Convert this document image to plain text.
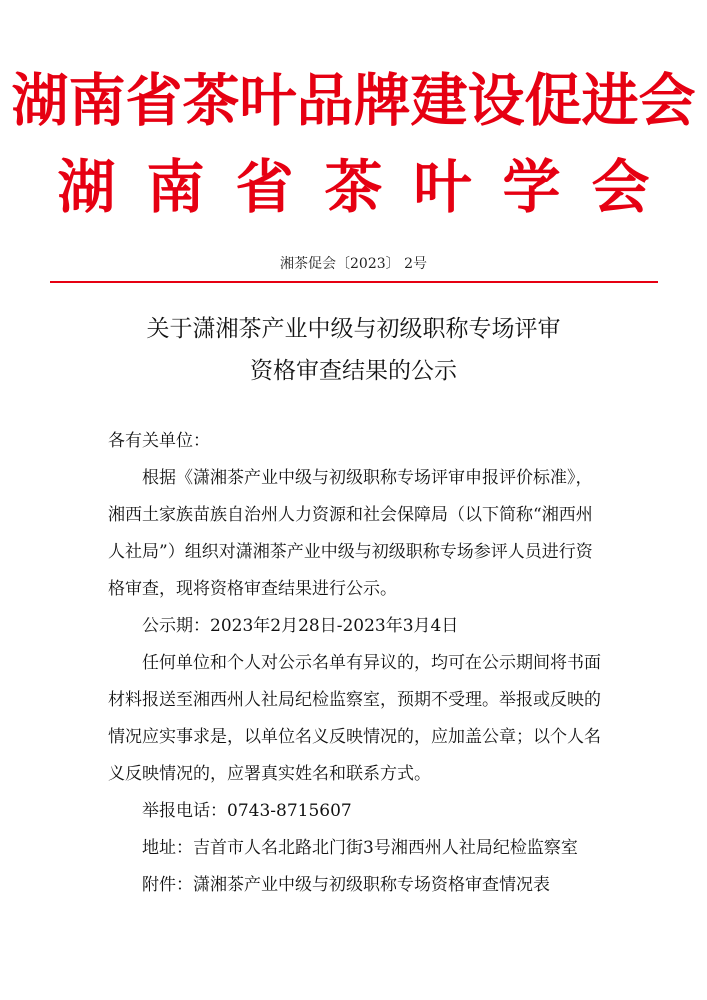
湖南省茶叶品牌建设促进会
湖南省茶叶学会
湘茶促会〔2023〕 2号
关于潇湘茶产业中级与初级职称专场评审
资格审查结果的公示

各有关单位：

根据《潇湘茶产业中级与初级职称专场评审申报评价标准》，湘西土家族苗族自治州人力资源和社会保障局（以下简称“湘西州人社局”）组织对潇湘茶产业中级与初级职称专场参评人员进行资格审查，现将资格审查结果进行公示。

公示期：2023年2月28日-2023年3月4日

任何单位和个人对公示名单有异议的，均可在公示期间将书面材料报送至湘西州人社局纪检监察室，预期不受理。举报或反映的情况应实事求是，以单位名义反映情况的，应加盖公章；以个人名义反映情况的，应署真实姓名和联系方式。

举报电话：0743-8715607

地址：吉首市人名北路北门街3号湘西州人社局纪检监察室

附件：潇湘茶产业中级与初级职称专场资格审查情况表
